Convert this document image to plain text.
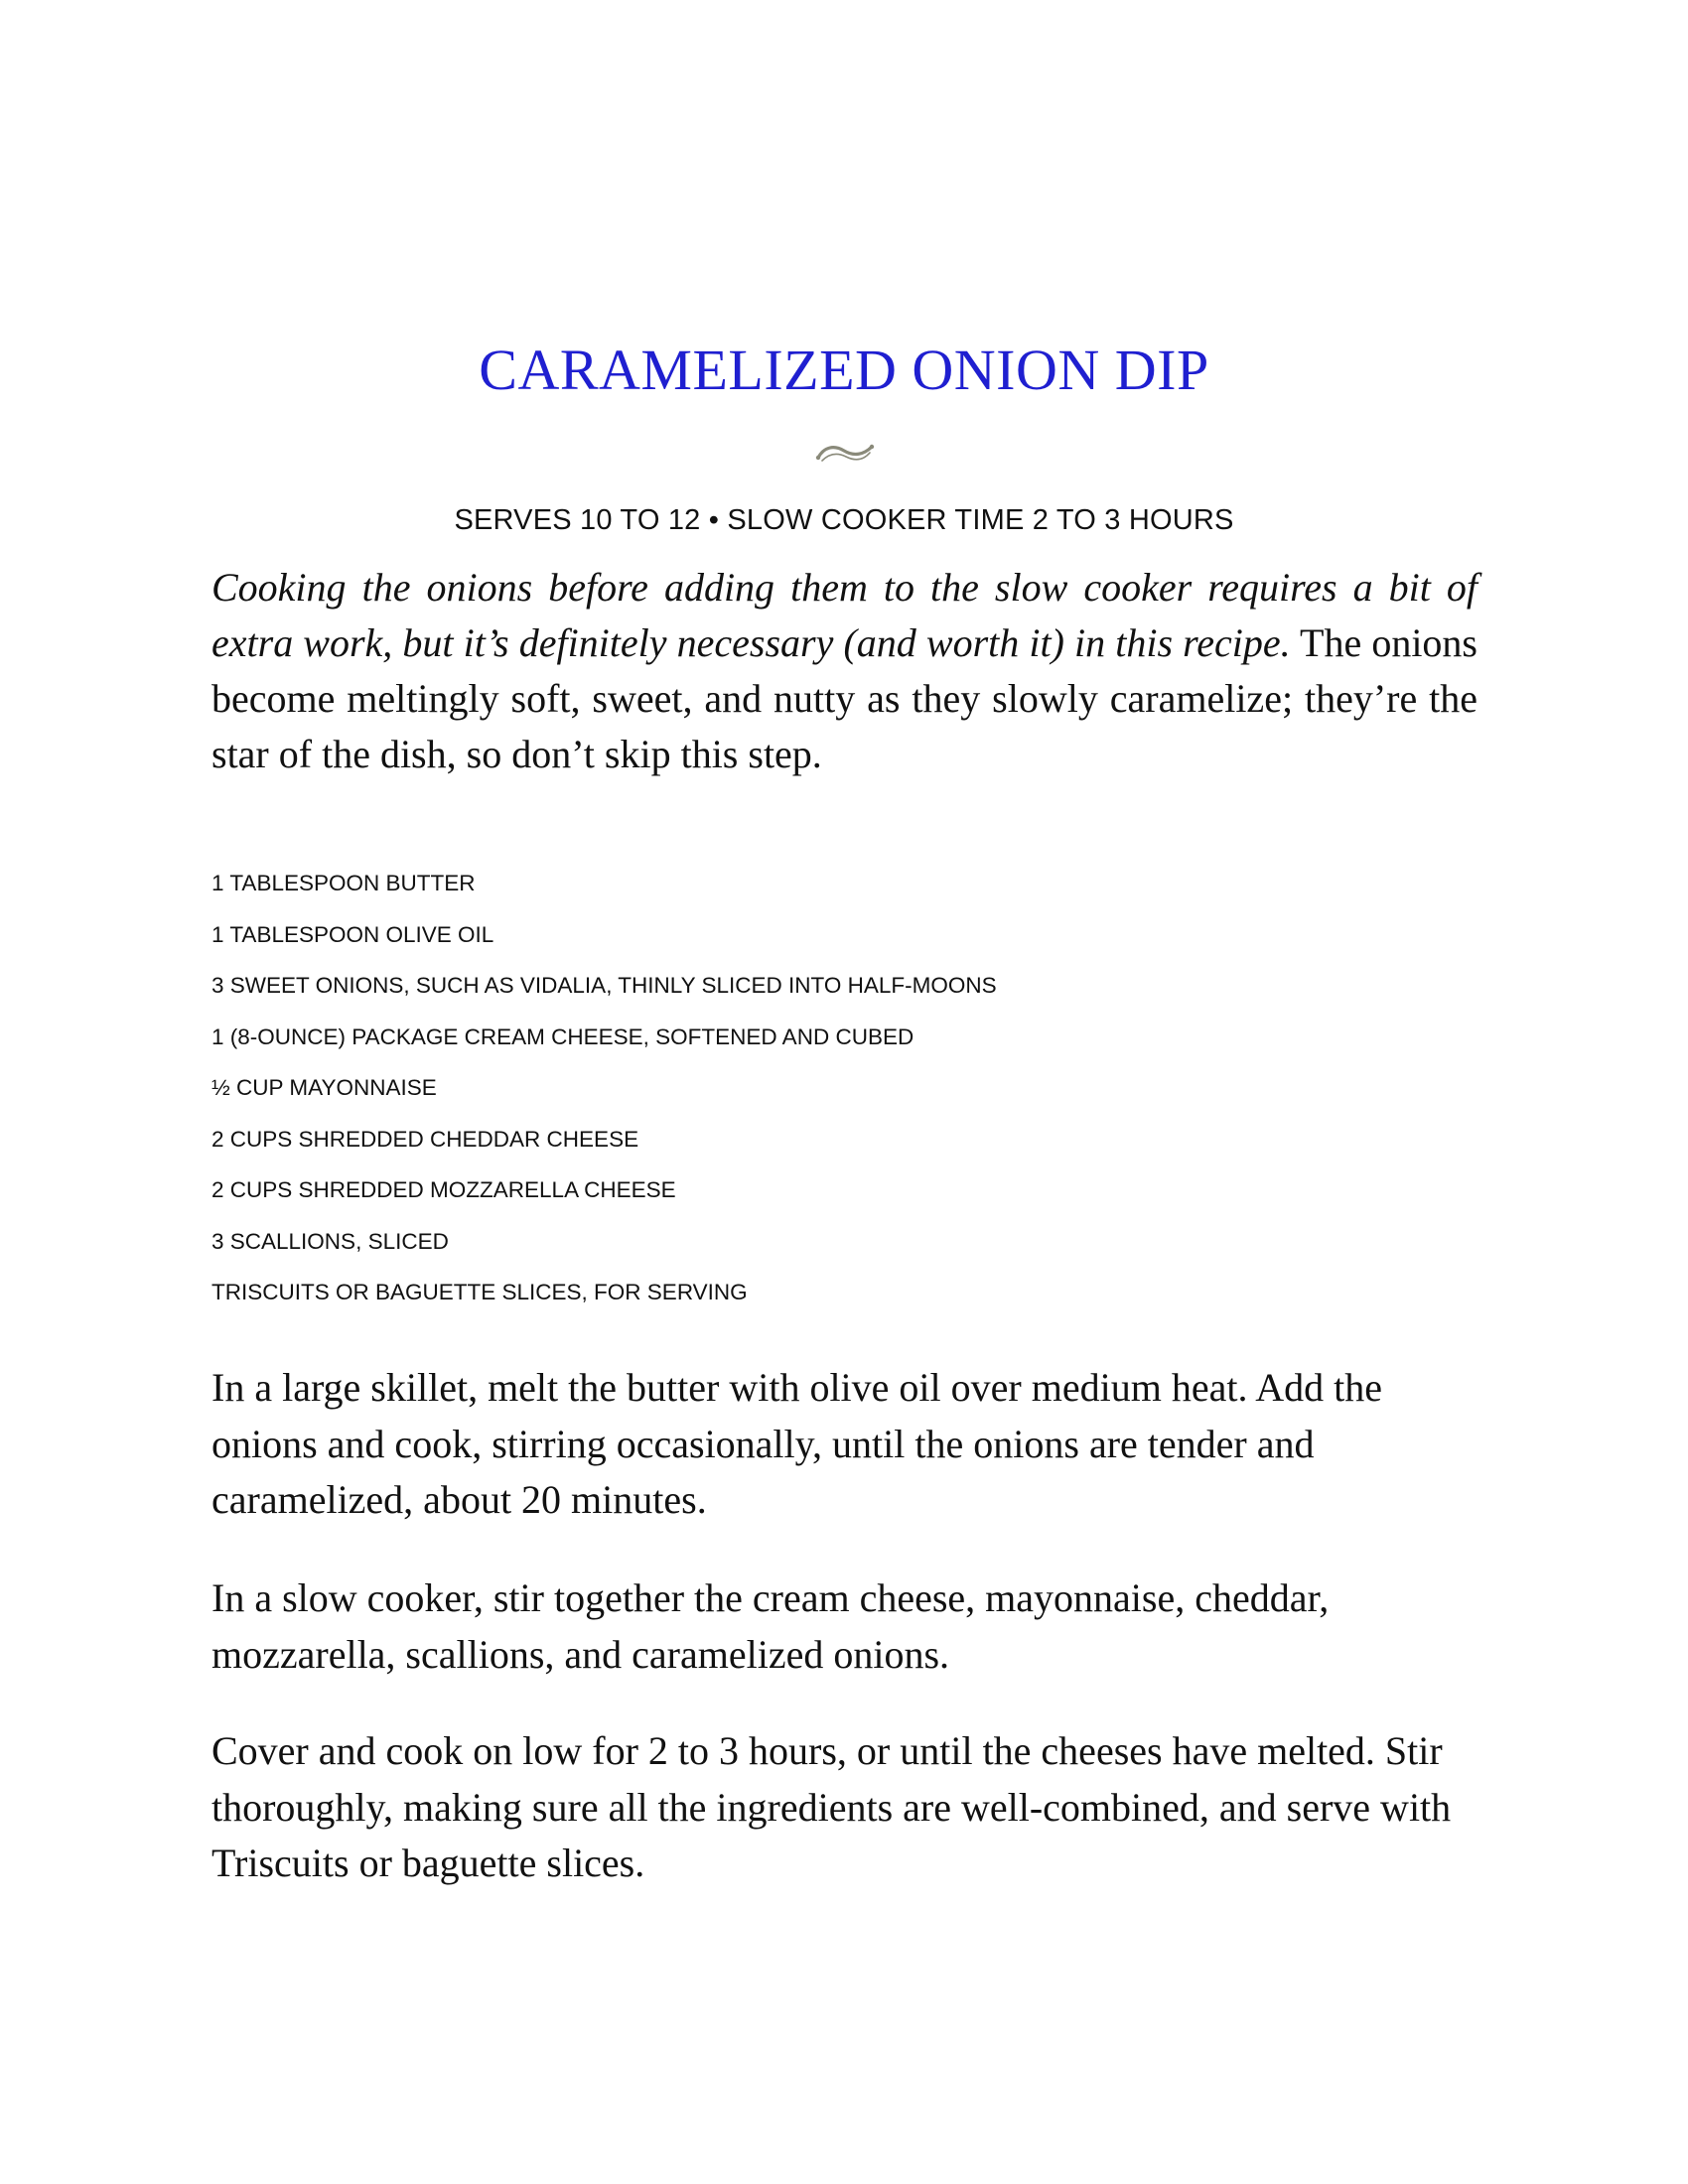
CARAMELIZED ONION DIP

SERVES 10 TO 12 • SLOW COOKER TIME 2 TO 3 HOURS

Cooking the onions before adding them to the slow cooker requires a bit of extra work, but it’s definitely necessary (and worth it) in this recipe. The onions become meltingly soft, sweet, and nutty as they slowly caramelize; they’re the star of the dish, so don’t skip this step.

1 TABLESPOON BUTTER
1 TABLESPOON OLIVE OIL
3 SWEET ONIONS, SUCH AS VIDALIA, THINLY SLICED INTO HALF-MOONS
1 (8-OUNCE) PACKAGE CREAM CHEESE, SOFTENED AND CUBED
½ CUP MAYONNAISE
2 CUPS SHREDDED CHEDDAR CHEESE
2 CUPS SHREDDED MOZZARELLA CHEESE
3 SCALLIONS, SLICED
TRISCUITS OR BAGUETTE SLICES, FOR SERVING

In a large skillet, melt the butter with olive oil over medium heat. Add the onions and cook, stirring occasionally, until the onions are tender and caramelized, about 20 minutes.

In a slow cooker, stir together the cream cheese, mayonnaise, cheddar, mozzarella, scallions, and caramelized onions.

Cover and cook on low for 2 to 3 hours, or until the cheeses have melted. Stir thoroughly, making sure all the ingredients are well-combined, and serve with Triscuits or baguette slices.
